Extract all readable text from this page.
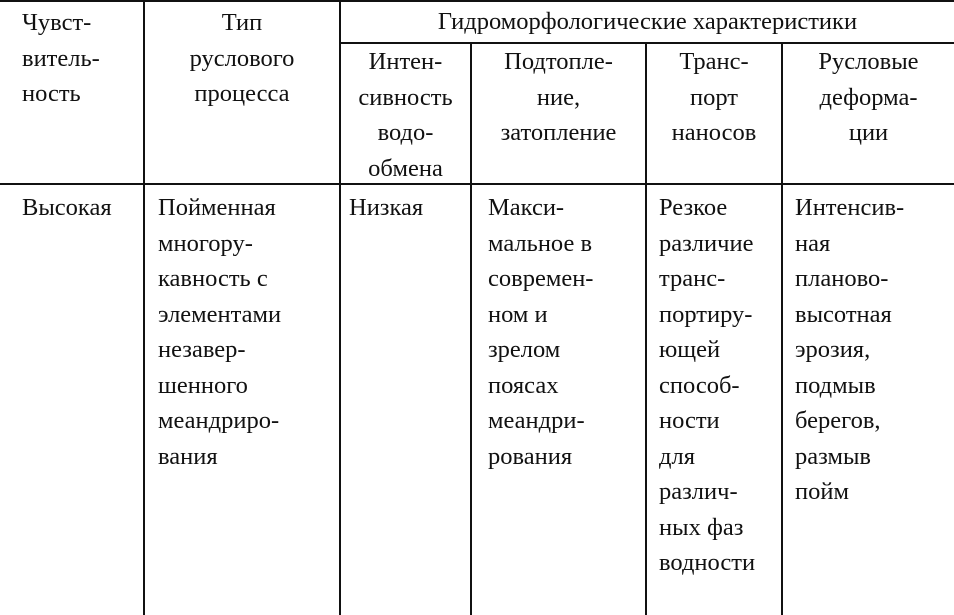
Чувст-
витель-
ность
Тип
руслового
процесса
Гидроморфологические характеристики
Интен-
сивность
водо-
обмена
Подтопле-
ние,
затопление
Транс-
порт
наносов
Русловые
деформа-
ции
Высокая	Пойменная
многору-
кавность с
элементами
незавер-
шенного
меандриро-
вания
Низкая	Макси-
мальное в
современ-
ном и
зрелом
поясах
меандри-
рования
Резкое
различие
транс-
портиру-
ющей
способ-
ности
для
различ-
ных фаз
водности
Интенсив-
ная
планово-
высотная
эрозия,
подмыв
берегов,
размыв
пойм
